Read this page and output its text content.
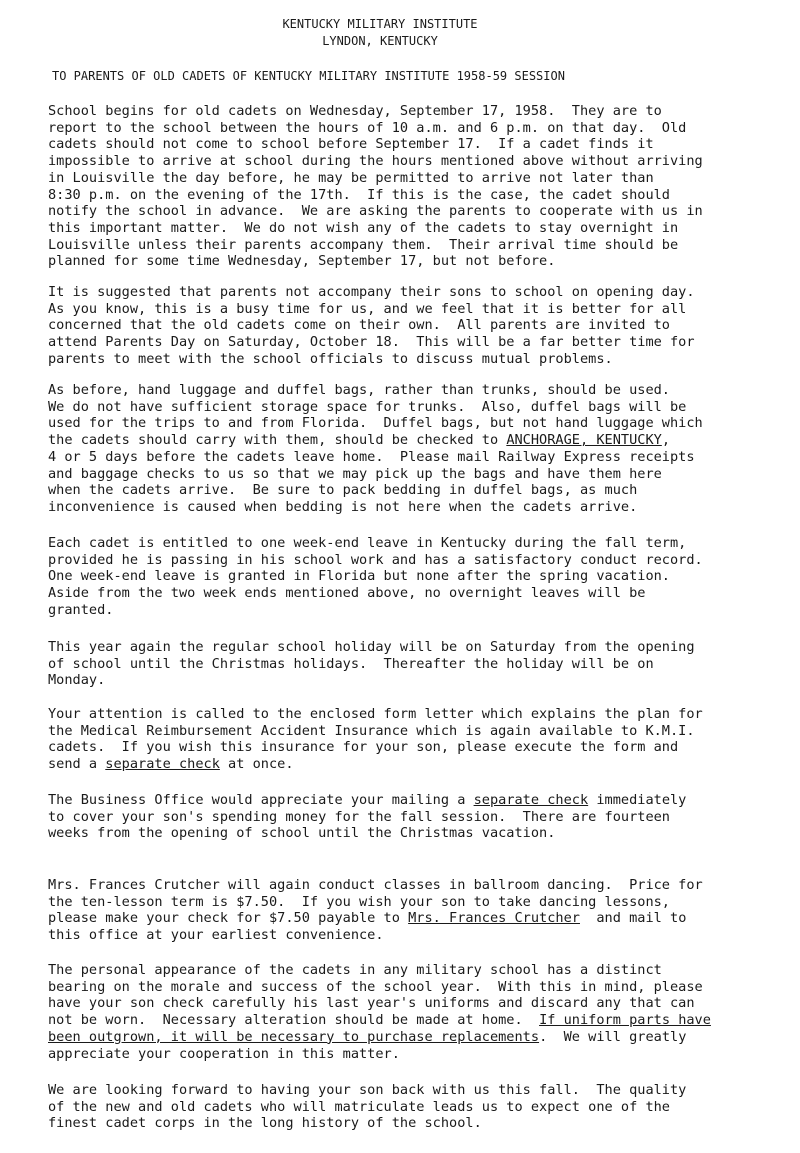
KENTUCKY MILITARY INSTITUTE
LYNDON, KENTUCKY
TO PARENTS OF OLD CADETS OF KENTUCKY MILITARY INSTITUTE 1958-59 SESSION
School begins for old cadets on Wednesday, September 17, 1958.  They are to
report to the school between the hours of 10 a.m. and 6 p.m. on that day.  Old
cadets should not come to school before September 17.  If a cadet finds it
impossible to arrive at school during the hours mentioned above without arriving
in Louisville the day before, he may be permitted to arrive not later than
8:30 p.m. on the evening of the 17th.  If this is the case, the cadet should
notify the school in advance.  We are asking the parents to cooperate with us in
this important matter.  We do not wish any of the cadets to stay overnight in
Louisville unless their parents accompany them.  Their arrival time should be
planned for some time Wednesday, September 17, but not before.
It is suggested that parents not accompany their sons to school on opening day.
As you know, this is a busy time for us, and we feel that it is better for all
concerned that the old cadets come on their own.  All parents are invited to
attend Parents Day on Saturday, October 18.  This will be a far better time for
parents to meet with the school officials to discuss mutual problems.
As before, hand luggage and duffel bags, rather than trunks, should be used.
We do not have sufficient storage space for trunks.  Also, duffel bags will be
used for the trips to and from Florida.  Duffel bags, but not hand luggage which
the cadets should carry with them, should be checked to ANCHORAGE, KENTUCKY,
4 or 5 days before the cadets leave home.  Please mail Railway Express receipts
and baggage checks to us so that we may pick up the bags and have them here
when the cadets arrive.  Be sure to pack bedding in duffel bags, as much
inconvenience is caused when bedding is not here when the cadets arrive.
Each cadet is entitled to one week-end leave in Kentucky during the fall term,
provided he is passing in his school work and has a satisfactory conduct record.
One week-end leave is granted in Florida but none after the spring vacation.
Aside from the two week ends mentioned above, no overnight leaves will be
granted.
This year again the regular school holiday will be on Saturday from the opening
of school until the Christmas holidays.  Thereafter the holiday will be on
Monday.
Your attention is called to the enclosed form letter which explains the plan for
the Medical Reimbursement Accident Insurance which is again available to K.M.I.
cadets.  If you wish this insurance for your son, please execute the form and
send a separate check at once.
The Business Office would appreciate your mailing a separate check immediately
to cover your son's spending money for the fall session.  There are fourteen
weeks from the opening of school until the Christmas vacation.
Mrs. Frances Crutcher will again conduct classes in ballroom dancing.  Price for
the ten-lesson term is $7.50.  If you wish your son to take dancing lessons,
please make your check for $7.50 payable to Mrs. Frances Crutcher  and mail to
this office at your earliest convenience.
The personal appearance of the cadets in any military school has a distinct
bearing on the morale and success of the school year.  With this in mind, please
have your son check carefully his last year's uniforms and discard any that can
not be worn.  Necessary alteration should be made at home.  If uniform parts have
been outgrown, it will be necessary to purchase replacements.  We will greatly
appreciate your cooperation in this matter.
We are looking forward to having your son back with us this fall.  The quality
of the new and old cadets who will matriculate leads us to expect one of the
finest cadet corps in the long history of the school.
